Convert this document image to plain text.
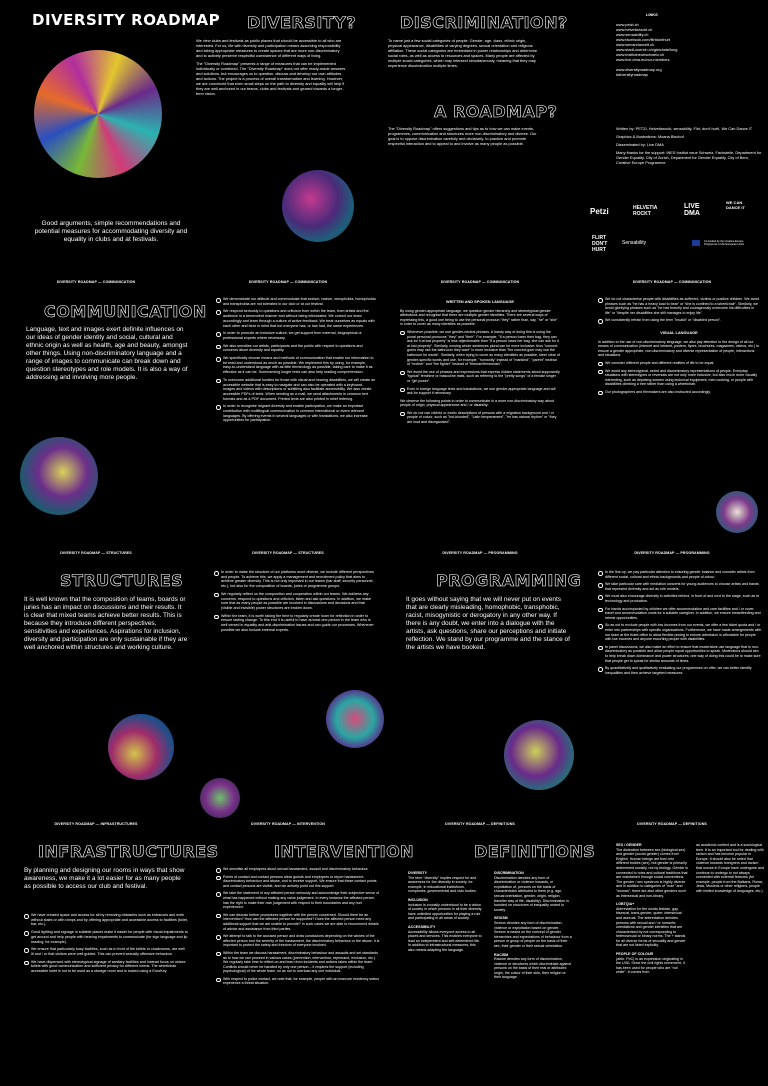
DIVERSITY ROADMAP
Good arguments, simple recommendations and potential measures for accommodating diversity and equality in clubs and at festivals.
DIVERSITY?

We view clubs and festivals as public places that should be accessible to all who are interested. For us, life with diversity and participation means assuming responsibility and taking appropriate measures to create spaces that are more non-discriminatory and to actively preserve respectful coexistence of different ways of living.

The "Diversity Roadmap" presents a range of measures that can be implemented individually or combined. The "Diversity Roadmap" does not offer ready-made answers and solutions, but encourages us to question, discuss and develop our own attitudes and actions. The project is a process of overall transformation and learning. However, we are convinced that even small steps on the path to diversity and equality will help if they are well anchored in our teams, clubs and festivals and geared towards a longer-term vision.

DISCRIMINATION?
To name just a few social categories of people: Gender, age, class, ethnic origin, physical appearance, disabilities of varying degrees, sexual orientation and religious affiliation. These social categories are embedded in power relationships and determine social roles, as well as access to resources and spaces. Many people are affected by multiple social categories, which may intersect simultaneously, meaning that they may experience discrimination multiple times.
A ROADMAP?
The "Diversity Roadmap" offers suggestions and tips as to how we can make events, programmes, communication and structures more non-discriminatory and diverse. Our goal is to oppose discrimination carefully and decisively, to practice and promote respectful interaction and to appeal to and involve as many people as possible.
LINKS
www.petzi.ch
www.helvetiarockt.ch
www.sensability.ch
www.facebook.com/flirtdonthurt
www.wecandanceit.ch
www.stadt-zuerich.ch/gleichstellung
www.institutneueschweiz.ch
www.live-dma.eu/our-members
www.diversityroadmap.org
#diversityroadmap

Written by: PETZI, Helvetiarockt, sensability, Flirt, don't hurt!, We Can Dance iT

Graphics & illustrations: Moana Bischof

Disseminated by: Live DMA

Many thanks for the support: INES Institut neue Schweiz, Fachstelle, Department for Gender Equality, City of Zurich, Department for Gender Equality, City of Bern, Creative Europe Programme

Petzi	HELVETIA ROCKT
LIVE DMA
WE CAN DANCE IT
FLIRT DON'T HURT
Sensability	Co-funded by the Creative Europe Programme of the European Union
DIVERSITY ROADMAP — COMMUNICATION
COMMUNICATION
Language, text and images exert definite influences on our ideas of gender identity and social, cultural and ethnic origin as well as health, age and beauty, amongst other things. Using non-discriminatory language and a range of images to communicate can break down and question stereotypes and role models. It is also a way of addressing and involving more people.
DIVERSITY ROADMAP — COMMUNICATION
We demonstrate our attitude and communicate that sexism, racism, xenophobia, homophobia and transphobia are not tolerated in our club or at our festival.
We respond seriously to questions and criticism from within the team, from artists and the audience in a benevolent manner and without being intimidated. We correct our team accordingly and learn through a culture of active feedback. We treat ourselves as equals with each other and bear in mind that not everyone has, or has had, the same experiences.
In order to promote an inclusive culture, we get support from external, biographical or professional experts where necessary.
We also sensitise our artists, participants and the public with respect to questions and concerns about diversity and equality.
We specifically choose means and methods of communication that enable our information to be read and understood as much as possible. We implement this by using, for example, easy-to-understand language with as little terminology as possible, taking care to make it as effective as it can be. Summarising longer texts can also help reading comprehension.
To overcome additional hurdles for those with visual and hearing disabilities, we will create an accessible website that is easy to navigate and can also be operated with a keyboard. Images and videos with descriptions or subtitling also facilitate accessibility. We also create accessible PDFs of texts. When sending an e-mail, we send attachments in common text formats and as a PDF document. Printed texts are also printed in relief lettering.
In order to recognise migrant diversity and enable participation, we make an important contribution with multilingual communication in common international or event-relevant languages. By offering events in several languages or with translations, we also increase opportunities for participation.
DIVERSITY ROADMAP — COMMUNICATION
WRITTEN AND SPOKEN LANGUAGE

By using gender-appropriate language, we question gender hierarchy and stereotypical gender attributions and recognise that there are multiple gender identities. There are several ways of expressing this, a good one being to use the personal pronoun "they" rather than, say, "he" or "she" in order to cover as many identities as possible.

Whenever possible, we use gender-neutral phrases. A handy way of doing this is using the plural personal pronouns "they" and "their". For example, "If a person loses their bag, they can ask for it at lost property" is less objectionable than "If a person loses her bag, she can ask for it at lost property". Similarly, moving whole sentences plural can be more inclusive: thus "concert-goers may use the bathroom they want" is more inclusive than "the concert-goer may use the bathroom he wants". Similarly, when trying to cover as many identities as possible, steer clear of gender-specific words and use, for example, "humanity" instead of "mankind", "parent" instead of "mother" and "fire fighter" instead of "fireman/firewoman".
We avoid the use of phrases and expressions that express hidden statements about supposedly "typical" feminine or masculine traits, such as referring to the "pretty songs" of a female singer or "girl power".
Even in foreign language texts and translations, we use gender-appropriate language and will ask for support if necessary.

We observe the following points in order to communicate in a more non-discriminatory way about people of origin, physical appearance and / or disability:

We do not use clichéd or exotic descriptions of persons with a migration background and / or people of colour, such as "hot-blooded", "Latin temperament", "he has natural rhythm" or "they are loud and disorganised".
DIVERSITY ROADMAP — COMMUNICATION
We do not characterise people with disabilities as sufferers, victims or positive children. We avoid phrases such as "he has a heavy load to bear" or "she is confined to a wheelchair". Similarly, we avoid glorifying phrases such as "he has bravely and courageously overcome his difficulties in life" or "despite her disabilities she still manages to enjoy life".
We consistently refrain from using the term "invalid" or "disabled person".
VISUAL LANGUAGE

In addition to the use of non-discriminatory language, we also pay attention to the design of all our means of communication (internet and intranet, posters, flyers, brochures, magazines, videos, etc.) to ensure a gender appropriate, non-discriminatory and diverse representation of people, interactions and situations.

We consider different people and different realities of life to be equal.
We avoid any stereotypical, sexist and discriminatory representations of people. Everyday situations with stereotypes or reversals are not only more inclusive, but also much more visually interesting, such as depicting women using technical equipment, men cooking, or people with disabilities climbing a tree rather than using a wheelchair.
Our photographers and filmmakers are also instructed accordingly.
DIVERSITY ROADMAP — STRUCTURES
STRUCTURES
It is well known that the composition of teams, boards or juries has an impact on discussions and their results. It is clear that mixed teams achieve better results. This is because they introduce different perspectives, sensitivities and experiences. Aspirations for inclusion, diversity and participation are only sustainable if they are well anchored within structures and working culture.
DIVERSITY ROADMAP — STRUCTURES
In order to make the structure of our platforms more diverse, we include different perspectives and people. To achieve this, we apply a management and recruitment policy that aims to achieve greater diversity. This is not only important in our teams (bar staff, security personnel, etc.), but also for the composition of boards, juries or programme groups.
We regularly reflect on the composition and cooperation within our teams. We address any concerns, respond to questions and criticism, listen and ask questions. In addition, we make sure that as many people as possible are involved in discussions and decisions and that (visible and invisible) power structures are broken down.
Within the team, it is worth taking the time to regularly create room for reflection in order to ensure lasting change. To this end it is useful to have at least one person in the team who is well versed in equality and anti-discrimination issues and can guide our processes. Whenever possible we also include external experts.
DIVERSITY ROADMAP — PROGRAMMING
PROGRAMMING
It goes without saying that we will never put on events that are clearly misleading, homophobic, transphobic, racist, misogynistic or derogatory in any other way. If there is any doubt, we enter into a dialogue with the artists, ask questions, share our perceptions and initiate reflection. We stand by our programme and the stance of the artists we have booked.
DIVERSITY ROADMAP — PROGRAMMING
In the line-up, we pay particular attention to ensuring gender balance and consider artists from different social, cultural and ethnic backgrounds and people of colour.
We take particular care with mediation concerts for young audiences to choose artists and bands that represent diversity and act as role models.
We must also encourage diversity in activities behind, in front of and next to the stage, such as in technology and production.
For bands accompanied by children we offer accommodation and care facilities and / or cover travel and accommodation costs for a suitable caregiver. In addition, we ensure breastfeeding and retreat opportunities.
So as not to exclude people with low incomes from our events, we offer a few ticket quota and / or enter into partnerships with specific organisations. Furthermore, we have made arrangements with our team at the ticket office to allow flexible pricing to ensure admission is affordable for people with low incomes and anyone escorting people with disabilities.
In panel discussions, we also make an effort to ensure that moderators use language that is non-discriminatory as possible and allow people equal opportunities to speak. Moderators should aim to help break down dominance and power structures; one way of doing this could be to make sure that people get to speak for similar amounts of times.
By quantitatively and qualitatively evaluating our programmes on offer, we can better identify inequalities and then achieve targeted measures.
DIVERSITY ROADMAP — INFRASTRUCTURES
INFRASTRUCTURES
By planning and designing our rooms in ways that show awareness, we make it a lot easier for as many people as possible to access our club and festival.
We have created space and access for all by removing obstacles such as entrances and exits without stairs or with ramps and by offering appropriate and accessible access to facilities (toilet, bar, etc.).
Good lighting and signage in suitable places make it easier for people with visual impairments to get around and help people with hearing impairments to communicate (for sign language and lip reading, for example).
We ensure that particularly busy facilities, such as in front of the toilets or cloakrooms, are well lit and / or that visitors were well guided. This can prevent sexually offensive behaviour.
We have dispensed with stereotypical signage of sanitary facilities and instead focus on unisex toilets with good communication and sufficient privacy for different needs. The wheelchair accessible toilet is not to be used as a storage room and is locked using a EuroKey.
DIVERSITY ROADMAP — INTERVENTION
INTERVENTION
We sensitise all employees about sexual harassment, assault and discriminatory behaviour.
Points of contact and contact persons allow guests and employees to report harassment, discriminatory behaviour and abuse, and to receive support. We ensure that these contact points and contact persons are visible, and we actively point out this support.
We take the statement of any affected person seriously and acknowledge their subjective sense of what has happened without making any value judgement. In every instance the affected person has the right to make their own judgement with respect to their boundaries and any hurt experienced.
We can discuss further procedures together with the person concerned. Should there be an intervention? How can the affected person be supported? Does the affected person need any additional support that we are unable to provide? In such cases we are able to recommend details of advice and assistance from third parties.
We attempt to talk to the accused person and draw conclusions depending on the wishes of the affected person and the severity of the harassment, the discriminatory behaviour or the abuse. It is important to protect the safety and freedom of everyone involved.
Within the team we discuss harassment, discriminatory behaviour and assaults and set standards as to how we can proceed in various cases (prevention, intervention, reprimand, exclusion, etc.). We regularly take time to reflect on and learn from incidents and actions taken within the team. Conflicts should never be handled by only one person – it requires the support (including psychological) of the whole team, so as not to overload any one individual.
With respect to police contact, we note that, for example, people with an insecure residency status experience a threat situation.
DIVERSITY ROADMAP — DEFINITIONS
DEFINITIONS
DIVERSITY
The term "diversity" implies respect for and awareness for the diversity in society, for example, in educational institutions, companies, governmental and civic bodies.
INCLUSION
Inclusion is crucially understood to be a vision of society in which persons in all their diversity have unlimited opportunities for playing a role and participating in all areas of society.
ACCESSIBILITY
Accessibility allows everyone access to all places and services. This enables everyone to lead an independent and self-determined life. In addition to infrastructural measures, this also means adapting the language.
DISCRIMINATION
Discrimination denotes any form of discrimination or violence towards, or exploitation of, persons on the basis of characteristics attributed to them (e.g. age, sexual orientation, gender, origin, religion, traveller way of life, disability). Discrimination is founded on structures of inequality rooted in society.
SEXISM
Sexism denotes any form of discrimination, violence or exploitation based on gender. Sexism is based on the concept of gender hierarchies and expectations of behaviour from a person or group of people on the basis of their sex, their gender or their sexual orientation.
RACISM
Racism denotes any form of discrimination, violence or structures which discriminate against persons on the basis of their real or attributed origin, the colour of their skin, their religion or their language.
DIVERSITY ROADMAP — DEFINITIONS
SEX / GENDER
The distinction between sex (biological sex) and gender (social gender) comes from English. Human beings are born into different bodies (sex), but gender is primarily determined socially, not by biology. Gender is connected to roles and cultural traditions that are maintained through social conventions. The gender / sex spectrum is highly diverse and in addition to categories of "man" and "woman", there are also other genders such as intersexual and non-binary.
LGBTQIA+
Abbreviation for the words lesbian, gay, bisexual, trans-gender, queer, intersexual and asexual. The abbreviation denotes persons with sexual and / or romantic orientations and gender identities that are characterised by not corresponding to heterosexual or binary norms. The + stands for all diverse forms of sexuality and gender that are not listed explicitly.
PEOPLE OF COLOUR
(abbr. PoC) is an expression originating in the USA. Since the civil rights movement, it has been used for people who are "not white". It comes from
an academic context and is a sociological term. It is an important tool for dealing with racism and has become popular in Europe. It should also be noted that violence towards foreigners and racism that occurs in Europe have undergone and continue to undergo to not always connected with external features (for example, people from the Balkans, Roma, Jews, Muslims or other religions, people with limited knowledge of languages, etc.).
